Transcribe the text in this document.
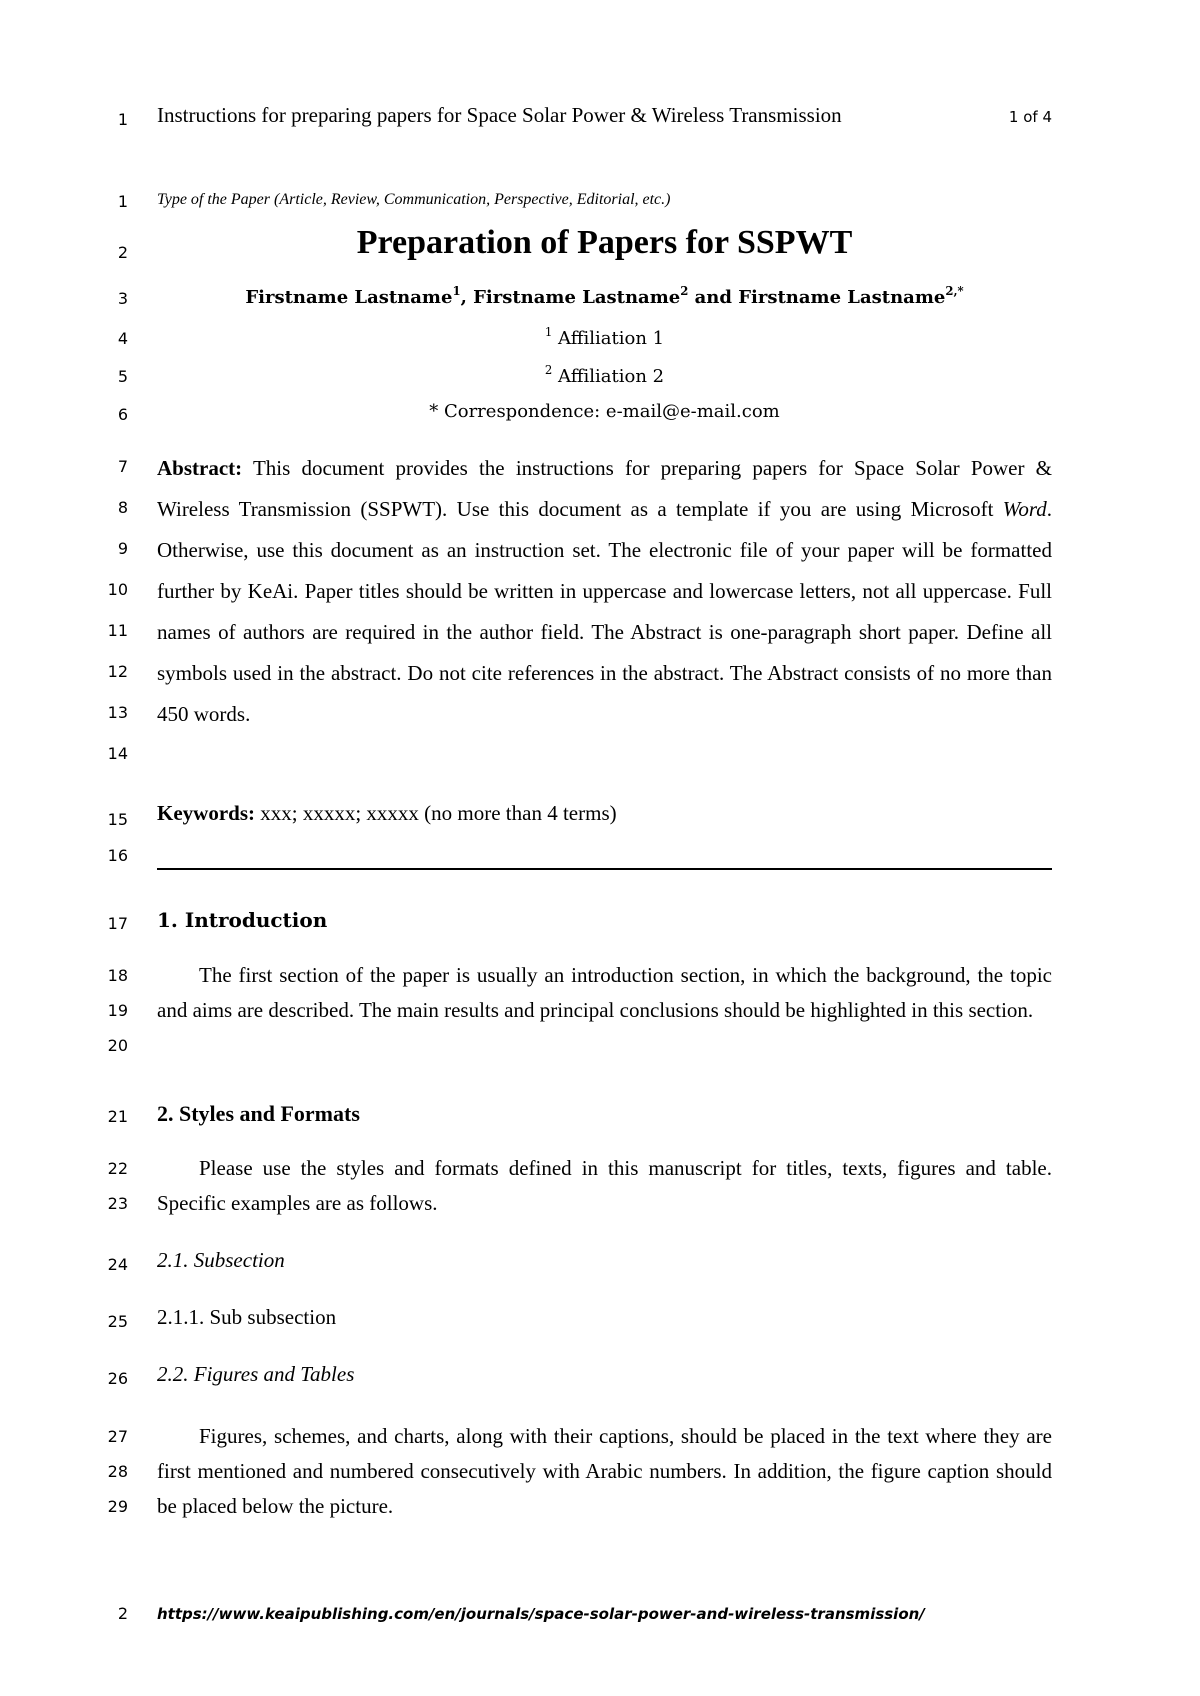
1 Instructions for preparing papers for Space Solar Power & Wireless Transmission	1 of 4
1
2
3
4
5
6
7
8
9
10
11
12
13
14
15
16
17
18
19
20
21
22
23
24
25
26
27
28
29
Type of the Paper (Article, Review, Communication, Perspective, Editorial, etc.)
Preparation of Papers for SSPWT
Firstname Lastname$^1$, Firstname Lastname$^2$ and Firstname Lastname$^{2,*}$
$^1$ Affiliation 1
$^2$ Affiliation 2
* Correspondence: e-mail@e-mail.com
Abstract: This document provides the instructions for preparing papers for Space Solar Power & Wireless Transmission (SSPWT). Use this document as a template if you are using Microsoft Word. Otherwise, use this document as an instruction set. The electronic file of your paper will be formatted further by KeAi. Paper titles should be written in uppercase and lowercase letters, not all uppercase. Full names of authors are required in the author field. The Abstract is one-paragraph short paper. Define all symbols used in the abstract. Do not cite references in the abstract. The Abstract consists of no more than 450 words.
Keywords: xxx; xxxxx; xxxxx (no more than 4 terms)
1. Introduction
The first section of the paper is usually an introduction section, in which the background, the topic and aims are described. The main results and principal conclusions should be highlighted in this section.
2. Styles and Formats
Please use the styles and formats defined in this manuscript for titles, texts, figures and table. Specific examples are as follows.
2.1. Subsection
2.1.1. Sub subsection
2.2. Figures and Tables
Figures, schemes, and charts, along with their captions, should be placed in the text where they are first mentioned and numbered consecutively with Arabic numbers. In addition, the figure caption should be placed below the picture.
2 https://www.keaipublishing.com/en/journals/space-solar-power-and-wireless-transmission/
